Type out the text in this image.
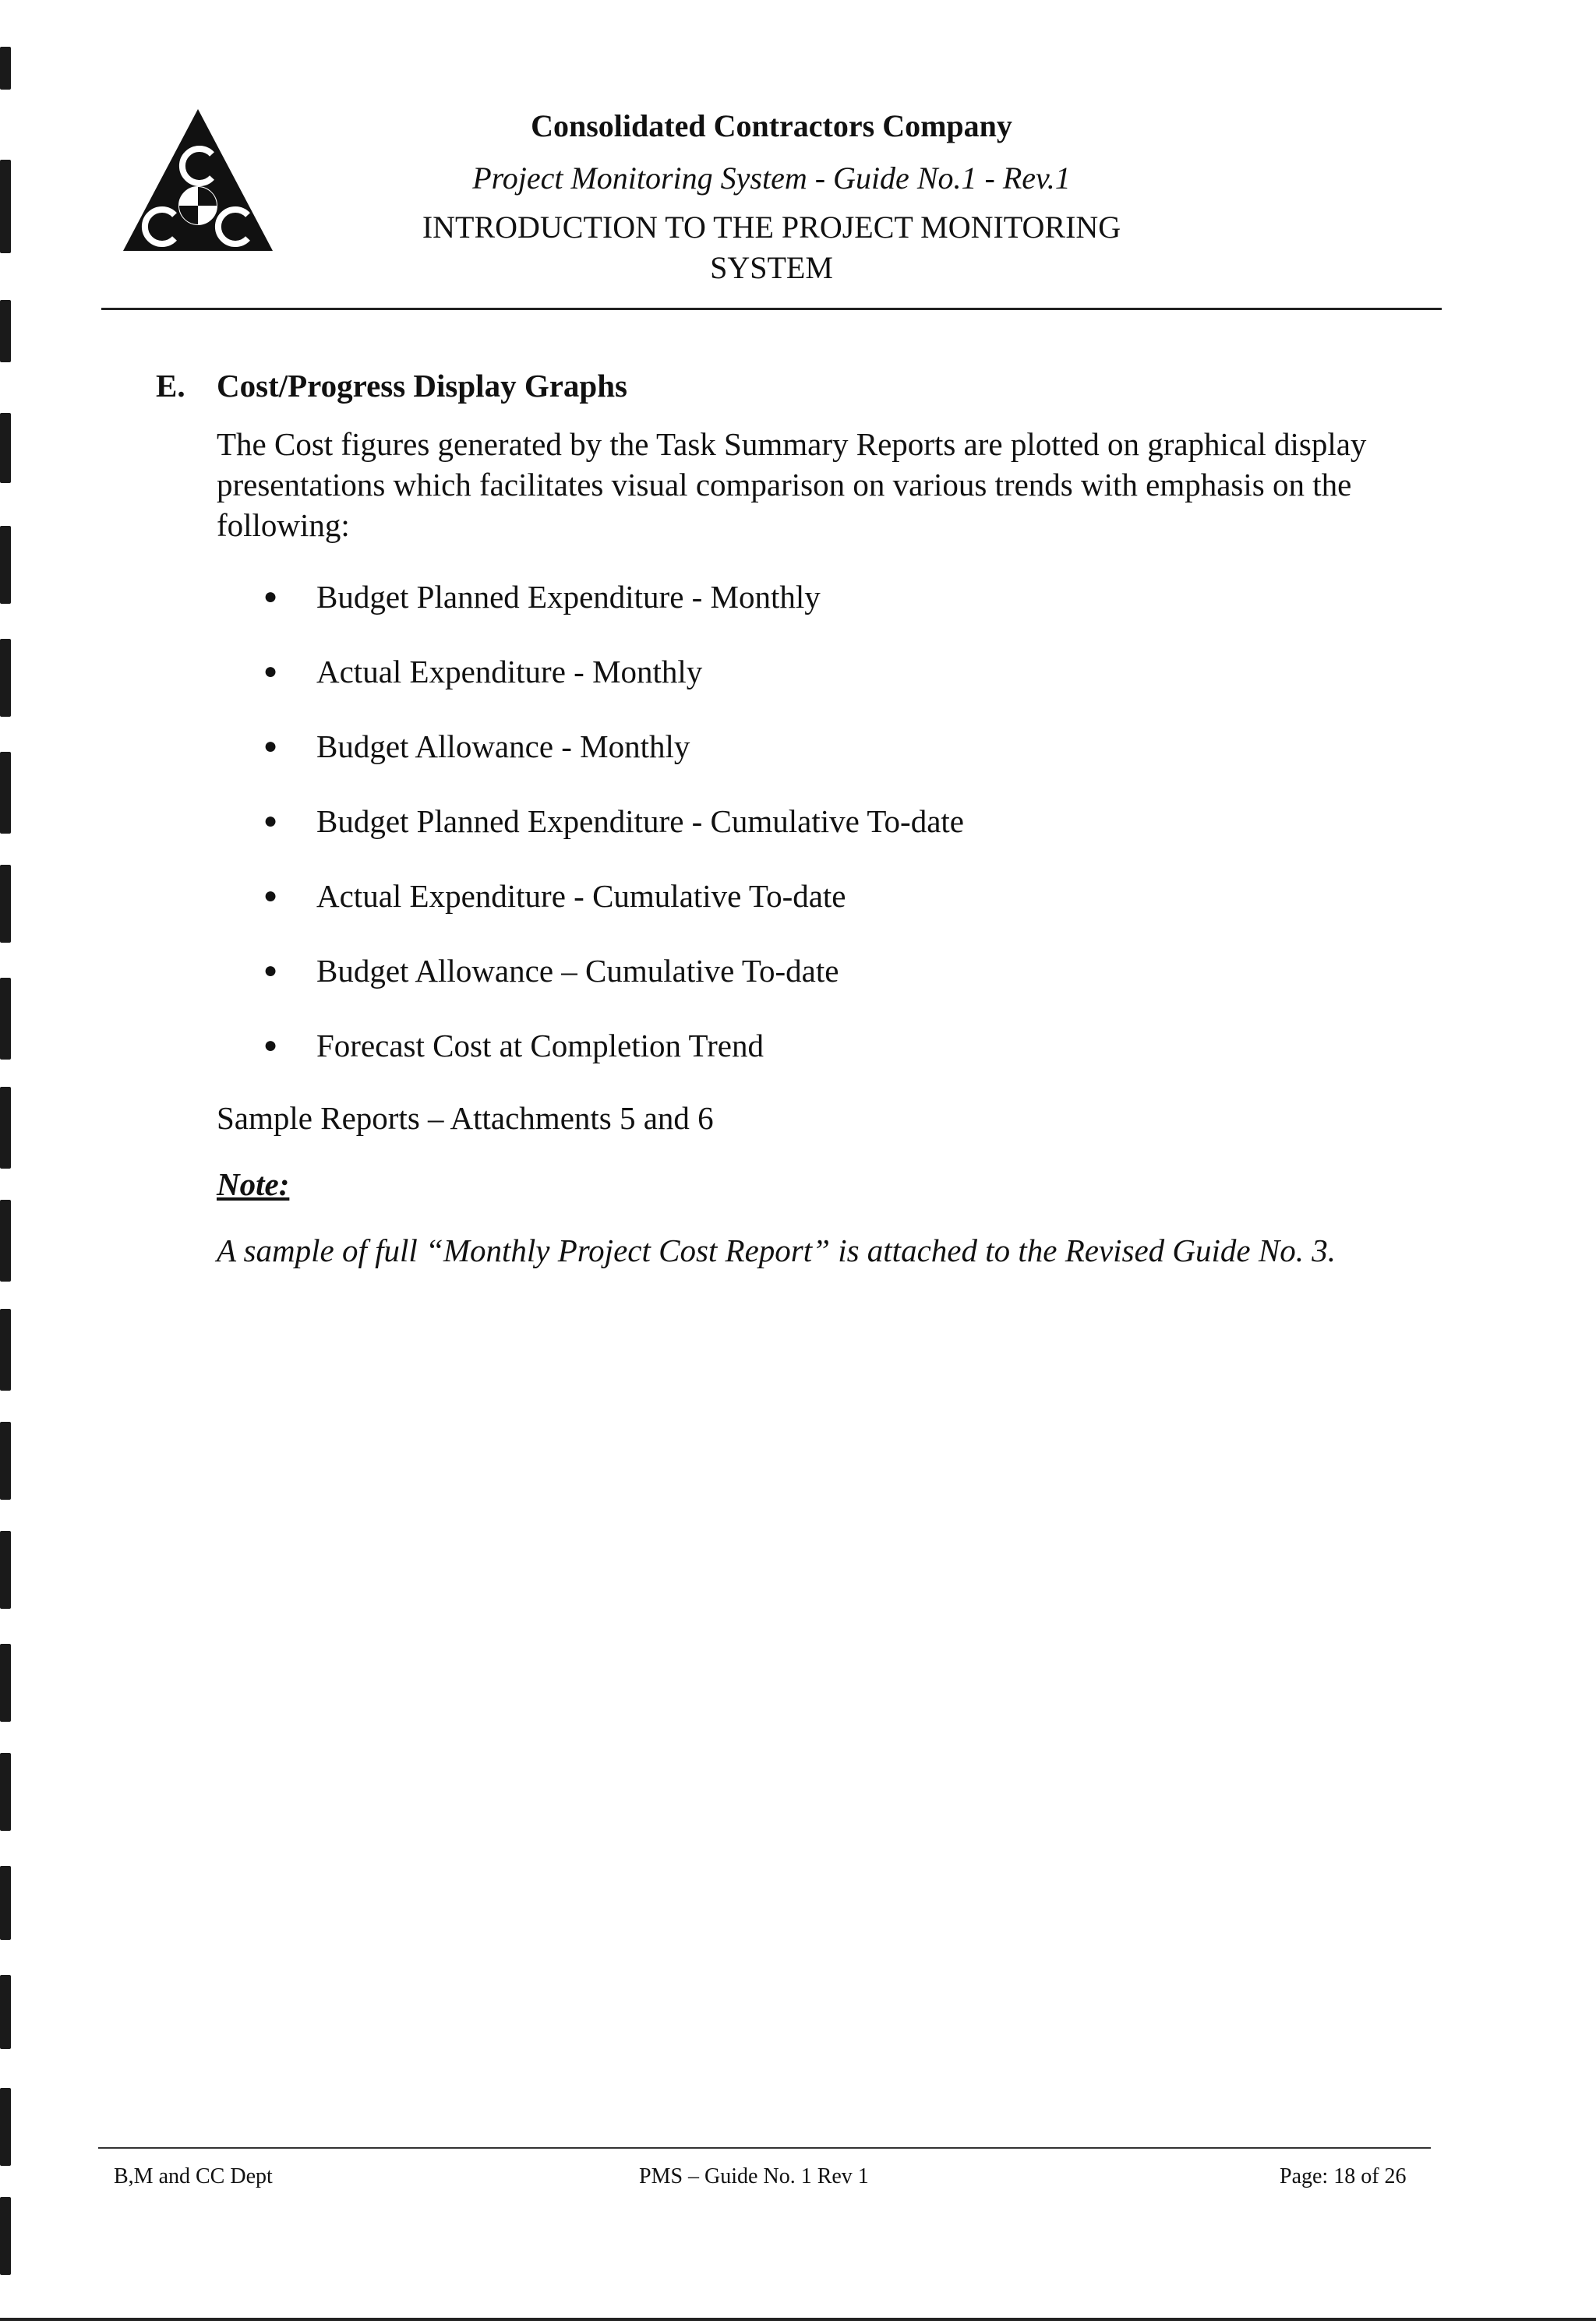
Consolidated Contractors Company
Project Monitoring System - Guide No.1 - Rev.1
INTRODUCTION TO THE PROJECT MONITORING
SYSTEM
E. Cost/Progress Display Graphs
The Cost figures generated by the Task Summary Reports are plotted on graphical display presentations which facilitates visual comparison on various trends with emphasis on the following:
● Budget Planned Expenditure - Monthly
● Actual Expenditure - Monthly
● Budget Allowance - Monthly
● Budget Planned Expenditure - Cumulative To-date
● Actual Expenditure - Cumulative To-date
● Budget Allowance – Cumulative To-date
● Forecast Cost at Completion Trend
Sample Reports – Attachments 5 and 6
Note:
A sample of full “Monthly Project Cost Report” is attached to the Revised Guide No. 3.
B,M and CC Dept	PMS – Guide No. 1 Rev 1	Page: 18 of 26
